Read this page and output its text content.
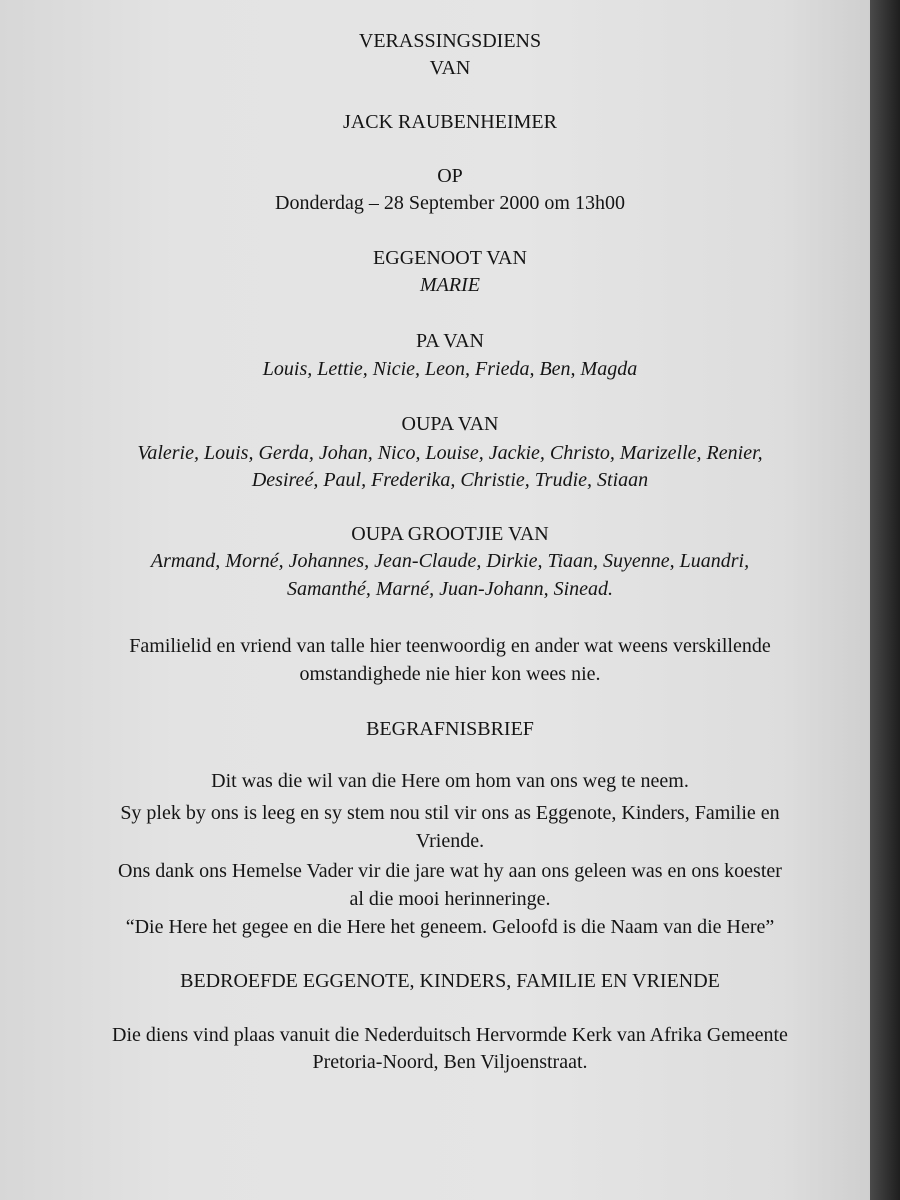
VERASSINGSDIENS
VAN
JACK RAUBENHEIMER
OP
Donderdag – 28 September 2000 om 13h00
EGGENOOT VAN
MARIE
PA VAN
Louis, Lettie, Nicie, Leon, Frieda, Ben, Magda
OUPA VAN
Valerie, Louis, Gerda, Johan, Nico, Louise, Jackie, Christo, Marizelle, Renier,
Desireé, Paul, Frederika, Christie, Trudie, Stiaan
OUPA GROOTJIE VAN
Armand, Morné, Johannes, Jean-Claude, Dirkie, Tiaan, Suyenne, Luandri,
Samanthé, Marné, Juan-Johann, Sinead.
Familielid en vriend van talle hier teenwoordig en ander wat weens verskillende
omstandighede nie hier kon wees nie.
BEGRAFNISBRIEF
Dit was die wil van die Here om hom van ons weg te neem.
Sy plek by ons is leeg en sy stem nou stil vir ons as Eggenote, Kinders, Familie en
Vriende.
Ons dank ons Hemelse Vader vir die jare wat hy aan ons geleen was en ons koester
al die mooi herinneringe.
“Die Here het gegee en die Here het geneem. Geloofd is die Naam van die Here”
BEDROEFDE EGGENOTE, KINDERS, FAMILIE EN VRIENDE
Die diens vind plaas vanuit die Nederduitsch Hervormde Kerk van Afrika Gemeente
Pretoria-Noord, Ben Viljoenstraat.
